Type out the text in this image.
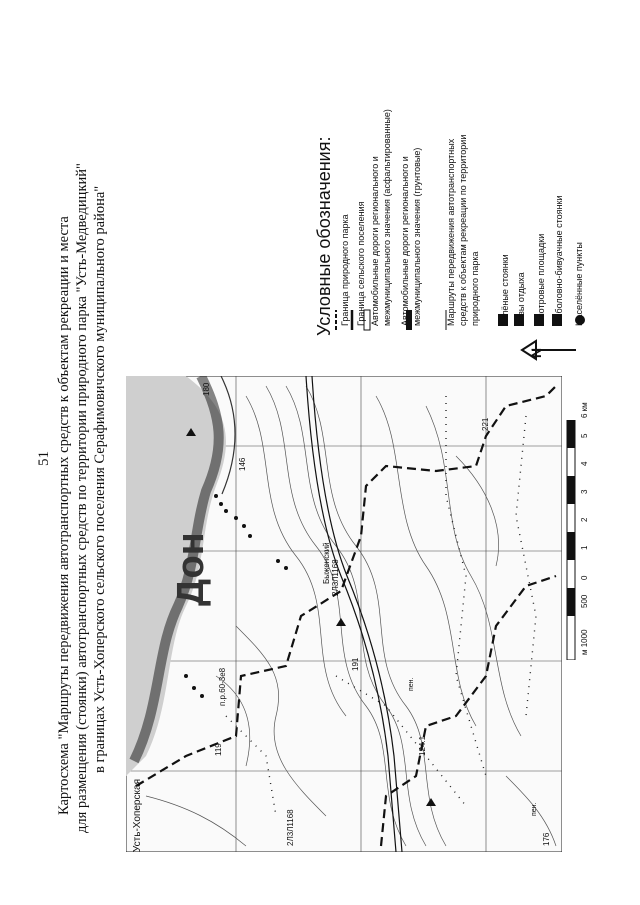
51 Картосхема "Маршруты передвижения автотранспортных средств к объектам рекреации и места для размещения (стоянки) автотранспортных средств по территории природного парка "Усть-Медведицкий" в границах Усть-Хоперского сельского поселения Серафимовичского муниципального района" Дон
Усть-Хоперская	2Л3Л1168
2Л3Л1168
191
221
146
119	124.1
176
180
пен.
пен.
Быженский
п.р.60-3е8
Условные обозначения: Граница природного парка Граница сельского поселения Автомобильные дороги регионального и межмуниципального значения (асфальтированные) Автомобильные дороги регионального и межмуниципального значения (грунтовые)	Маршруты передвижения автотранспортных средств к объектам рекреации по территории природного парка Зелёные стоянки Базы отдыха Смотровые площадки Рыболовно-бивуачные стоянки Населённые пункты
N
м 1000
500
0
1
2
3
4
5
6 км
